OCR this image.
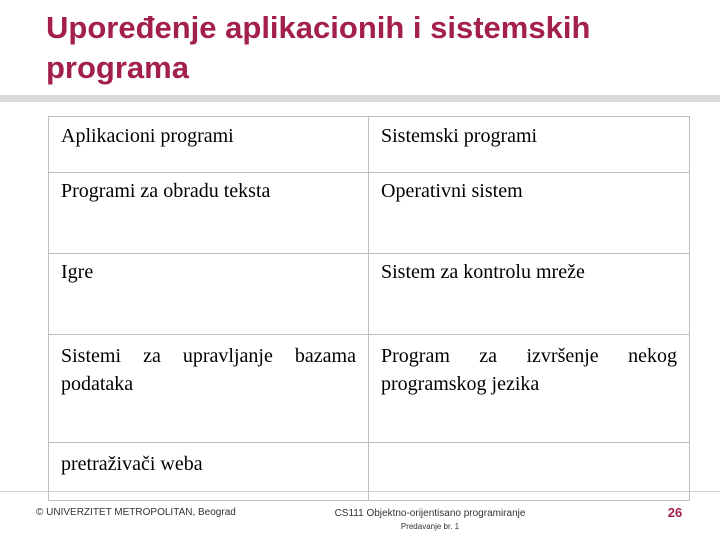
Upoređenje aplikacionih i sistemskih programa
Aplikacioni programi	Sistemski programi
Programi za obradu teksta	Operativni sistem
Igre	Sistem za kontrolu mreže
Sistemi za upravljanje bazama podataka	Program za izvršenje nekog programskog jezika
pretraživači weba	
© UNIVERZITET METROPOLITAN, Beograd	CS111 Objektno-orijentisano programiranje
Predavanje br. 1
26
